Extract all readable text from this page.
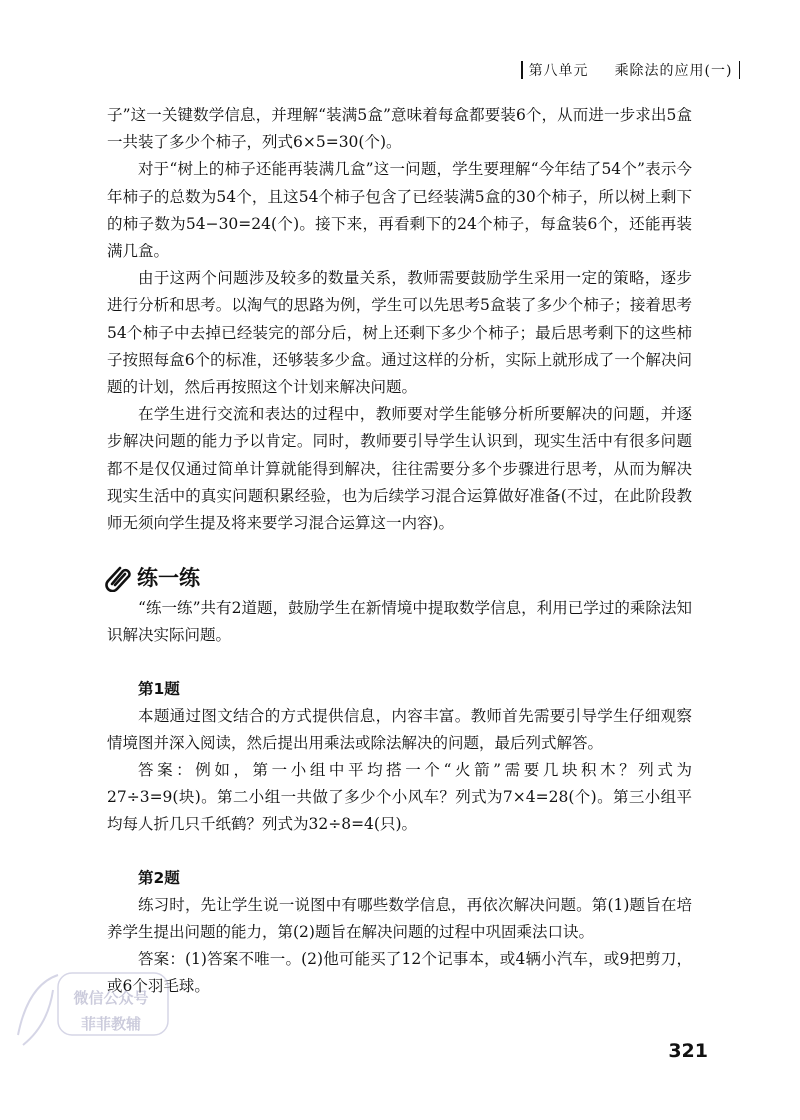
第八单元 乘除法的应用(一)

子”这一关键数学信息，并理解“装满5盒”意味着每盒都要装6个，从而进一步求出5盒一共装了多少个柿子，列式6×5=30(个)。

对于“树上的柿子还能再装满几盒”这一问题，学生要理解“今年结了54个”表示今年柿子的总数为54个，且这54个柿子包含了已经装满5盒的30个柿子，所以树上剩下的柿子数为54−30=24(个)。接下来，再看剩下的24个柿子，每盒装6个，还能再装满几盒。

由于这两个问题涉及较多的数量关系，教师需要鼓励学生采用一定的策略，逐步进行分析和思考。以淘气的思路为例，学生可以先思考5盒装了多少个柿子；接着思考54个柿子中去掉已经装完的部分后，树上还剩下多少个柿子；最后思考剩下的这些柿子按照每盒6个的标准，还够装多少盒。通过这样的分析，实际上就形成了一个解决问题的计划，然后再按照这个计划来解决问题。

在学生进行交流和表达的过程中，教师要对学生能够分析所要解决的问题，并逐步解决问题的能力予以肯定。同时，教师要引导学生认识到，现实生活中有很多问题都不是仅仅通过简单计算就能得到解决，往往需要分多个步骤进行思考，从而为解决现实生活中的真实问题积累经验，也为后续学习混合运算做好准备(不过，在此阶段教师无须向学生提及将来要学习混合运算这一内容)。

练一练

“练一练”共有2道题，鼓励学生在新情境中提取数学信息，利用已学过的乘除法知识解决实际问题。

第1题

本题通过图文结合的方式提供信息，内容丰富。教师首先需要引导学生仔细观察情境图并深入阅读，然后提出用乘法或除法解决的问题，最后列式解答。

答案：例如，第一小组中平均搭一个“火箭”需要几块积木？列式为27÷3=9(块)。第二小组一共做了多少个小风车？列式为7×4=28(个)。第三小组平均每人折几只千纸鹤？列式为32÷8=4(只)。

第2题

练习时，先让学生说一说图中有哪些数学信息，再依次解决问题。第(1)题旨在培养学生提出问题的能力，第(2)题旨在解决问题的过程中巩固乘法口诀。

答案：(1)答案不唯一。(2)他可能买了12个记事本，或4辆小汽车，或9把剪刀，或6个羽毛球。

微信公众号
菲菲教辅
321
